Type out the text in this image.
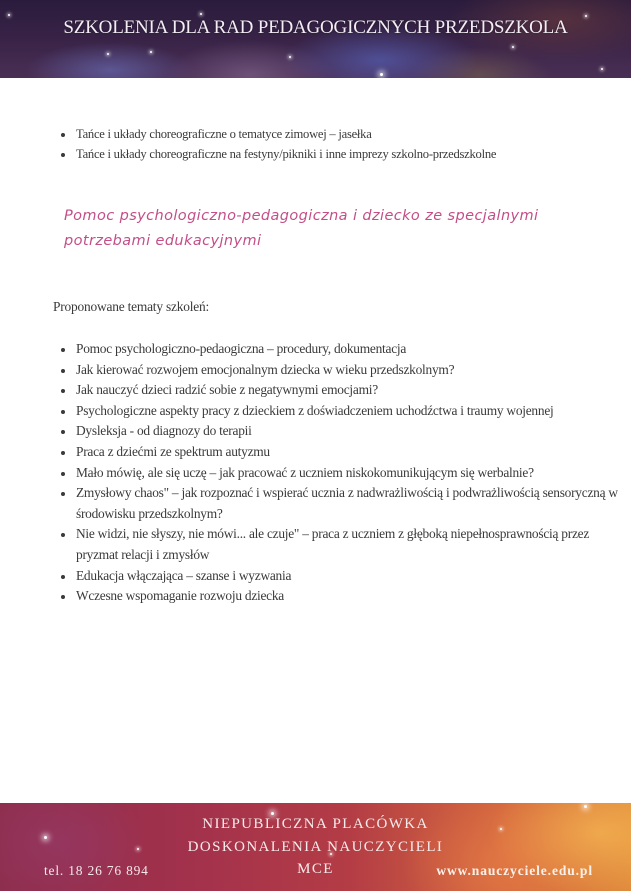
SZKOLENIA DLA RAD PEDAGOGICZNYCH PRZEDSZKOLA
Tańce i układy choreograficzne o tematyce zimowej – jasełka
Tańce i układy choreograficzne na festyny/pikniki i inne imprezy szkolno-przedszkolne
Pomoc psychologiczno-pedagogiczna i dziecko ze specjalnymi potrzebami edukacyjnymi
Proponowane tematy szkoleń:
Pomoc psychologiczno-pedaogiczna – procedury, dokumentacja
Jak kierować rozwojem emocjonalnym dziecka w wieku przedszkolnym?
Jak nauczyć dzieci radzić sobie z negatywnymi emocjami?
Psychologiczne aspekty pracy z dzieckiem z doświadczeniem uchodźctwa i traumy wojennej
Dysleksja - od diagnozy do terapii
Praca z dziećmi ze spektrum autyzmu
Mało mówię, ale się uczę – jak pracować z uczniem niskokomunikującym się werbalnie?
Zmysłowy chaos" – jak rozpoznać i wspierać ucznia z nadwrażliwością i podwrażliwością sensoryczną w środowisku przedszkolnym?
Nie widzi, nie słyszy, nie mówi... ale czuje" – praca z uczniem z głęboką niepełnosprawnością przez pryzmat relacji i zmysłów
Edukacja włączająca – szanse i wyzwania
Wczesne wspomaganie rozwoju dziecka
NIEPUBLICZNA PLACÓWKA
DOSKONALENIA NAUCZYCIELI
MCE
tel. 18 26 76 894	www.nauczyciele.edu.pl
